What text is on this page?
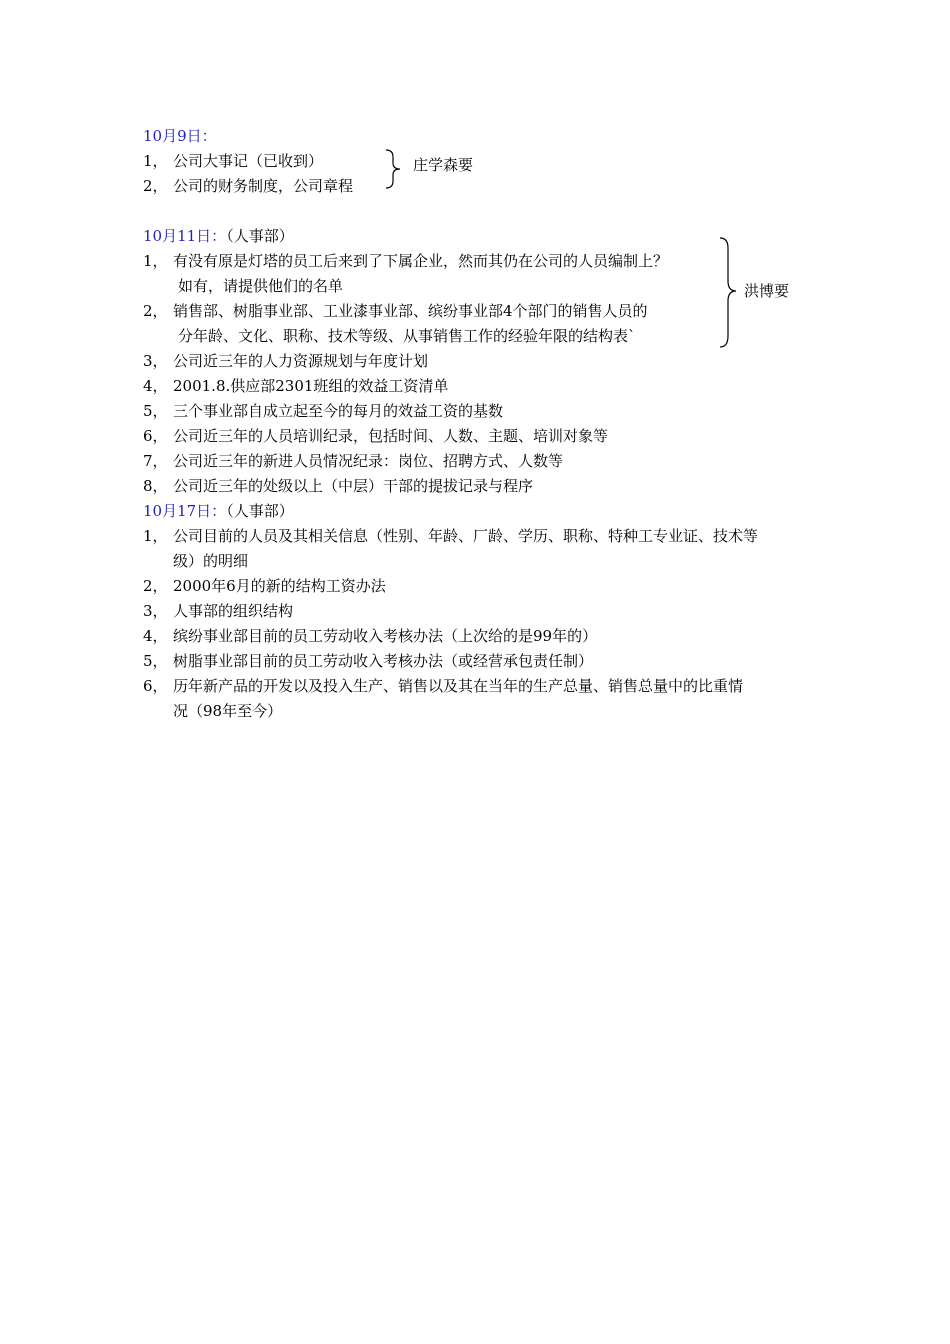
10月9日：
1， 公司大事记（已收到）
2， 公司的财务制度，公司章程
庄学森要
10月11日：（人事部）
1， 有没有原是灯塔的员工后来到了下属企业，然而其仍在公司的人员编制上？
如有，请提供他们的名单
2， 销售部、树脂事业部、工业漆事业部、缤纷事业部4个部门的销售人员的
分年龄、文化、职称、技术等级、从事销售工作的经验年限的结构表`
洪博要
3， 公司近三年的人力资源规划与年度计划
4， 2001.8.供应部2301班组的效益工资清单
5， 三个事业部自成立起至今的每月的效益工资的基数
6， 公司近三年的人员培训纪录，包括时间、人数、主题、培训对象等
7， 公司近三年的新进人员情况纪录：岗位、招聘方式、人数等
8， 公司近三年的处级以上（中层）干部的提拔记录与程序
10月17日：（人事部）
1， 公司目前的人员及其相关信息（性别、年龄、厂龄、学历、职称、特种工专业证、技术等
级）的明细
2， 2000年6月的新的结构工资办法
3， 人事部的组织结构
4， 缤纷事业部目前的员工劳动收入考核办法（上次给的是99年的）
5， 树脂事业部目前的员工劳动收入考核办法（或经营承包责任制）
6， 历年新产品的开发以及投入生产、销售以及其在当年的生产总量、销售总量中的比重情
况（98年至今）
